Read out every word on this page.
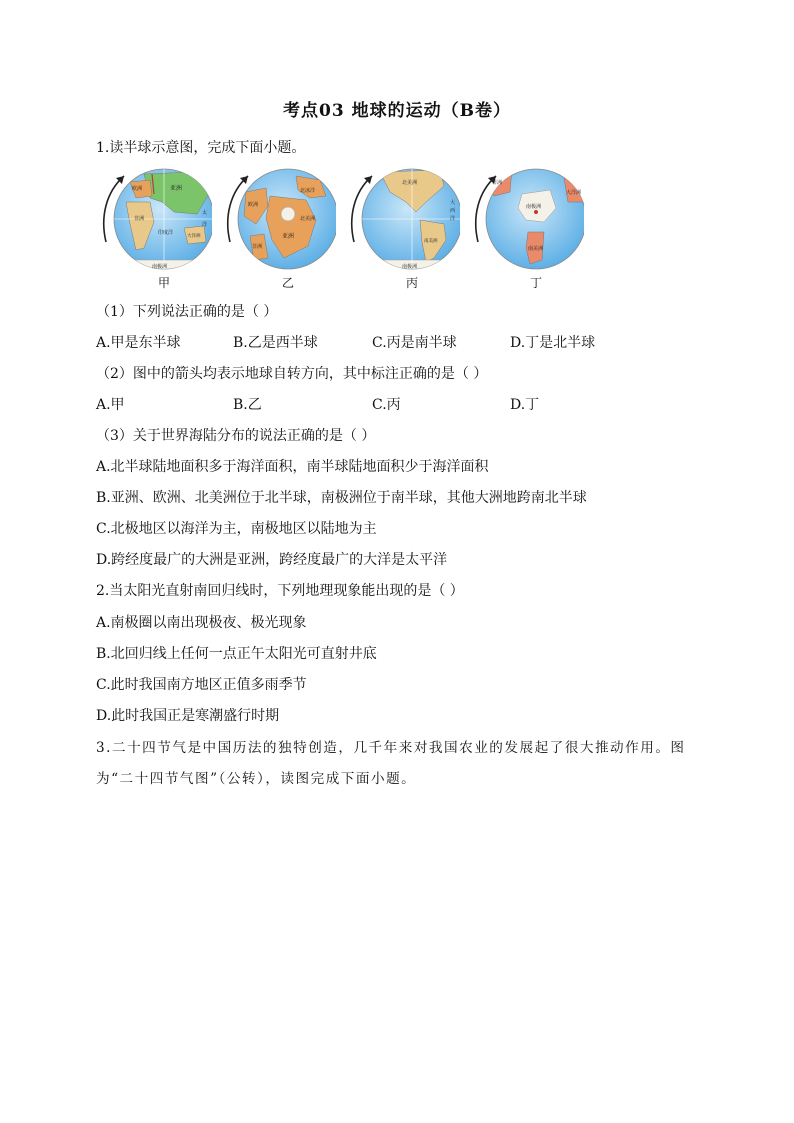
考点03 地球的运动（B卷）
1.读半球示意图，完成下面小题。
亚洲
欧洲
非洲
印度洋
大洋洲
南极洲
太
洋
甲
北冰洋
欧洲
亚洲
北美洲
非洲
乙
北美洲
大
西
洋
南美洲
南极洲
丙
非洲
南极洲
大洋洲
南美洲
丁
（1）下列说法正确的是（ ）
A.甲是东半球	B.乙是西半球	C.丙是南半球	D.丁是北半球
（2）图中的箭头均表示地球自转方向，其中标注正确的是（ ）
A.甲	B.乙	C.丙	D.丁
（3）关于世界海陆分布的说法正确的是（ ）
A.北半球陆地面积多于海洋面积，南半球陆地面积少于海洋面积
B.亚洲、欧洲、北美洲位于北半球，南极洲位于南半球，其他大洲地跨南北半球
C.北极地区以海洋为主，南极地区以陆地为主
D.跨经度最广的大洲是亚洲，跨经度最广的大洋是太平洋
2.当太阳光直射南回归线时，下列地理现象能出现的是（ ）
A.南极圈以南出现极夜、极光现象
B.北回归线上任何一点正午太阳光可直射井底
C.此时我国南方地区正值多雨季节
D.此时我国正是寒潮盛行时期
3.二十四节气是中国历法的独特创造，几千年来对我国农业的发展起了很大推动作用。图为“二十四节气图”（公转），读图完成下面小题。
